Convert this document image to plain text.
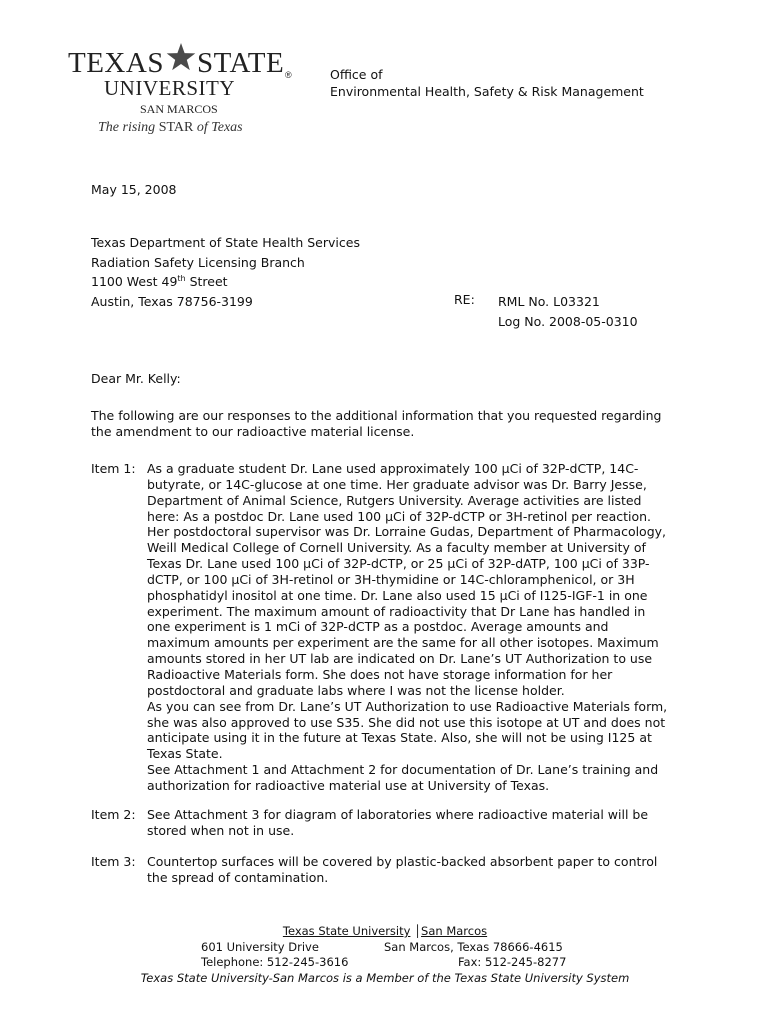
TEXAS STATE ®
UNIVERSITY
SAN MARCOS
The rising STAR of Texas
Office of
Environmental Health, Safety & Risk Management
May 15, 2008
Texas Department of State Health Services
Radiation Safety Licensing Branch
1100 West 49th Street
Austin, Texas 78756-3199	RE: RML No. L03321
Log No. 2008-05-0310
Dear Mr. Kelly:
The following are our responses to the additional information that you requested regarding
the amendment to our radioactive material license.
Item 1: As a graduate student Dr. Lane used approximately 100 µCi of 32P-dCTP, 14C-
butyrate, or 14C-glucose at one time. Her graduate advisor was Dr. Barry Jesse,
Department of Animal Science, Rutgers University. Average activities are listed
here: As a postdoc Dr. Lane used 100 µCi of 32P-dCTP or 3H-retinol per reaction.
Her postdoctoral supervisor was Dr. Lorraine Gudas, Department of Pharmacology,
Weill Medical College of Cornell University. As a faculty member at University of
Texas Dr. Lane used 100 µCi of 32P-dCTP, or 25 µCi of 32P-dATP, 100 µCi of 33P-
dCTP, or 100 µCi of 3H-retinol or 3H-thymidine or 14C-chloramphenicol, or 3H
phosphatidyl inositol at one time. Dr. Lane also used 15 µCi of I125-IGF-1 in one
experiment. The maximum amount of radioactivity that Dr Lane has handled in
one experiment is 1 mCi of 32P-dCTP as a postdoc. Average amounts and
maximum amounts per experiment are the same for all other isotopes. Maximum
amounts stored in her UT lab are indicated on Dr. Lane’s UT Authorization to use
Radioactive Materials form. She does not have storage information for her
postdoctoral and graduate labs where I was not the license holder.
As you can see from Dr. Lane’s UT Authorization to use Radioactive Materials form,
she was also approved to use S35. She did not use this isotope at UT and does not
anticipate using it in the future at Texas State. Also, she will not be using I125 at
Texas State.
See Attachment 1 and Attachment 2 for documentation of Dr. Lane’s training and
authorization for radioactive material use at University of Texas.
Item 2: See Attachment 3 for diagram of laboratories where radioactive material will be
stored when not in use.
Item 3: Countertop surfaces will be covered by plastic-backed absorbent paper to control
the spread of contamination.
Texas State University │San Marcos
601 University Drive	San Marcos, Texas 78666-4615
Telephone: 512-245-3616	Fax: 512-245-8277
Texas State University-San Marcos is a Member of the Texas State University System
